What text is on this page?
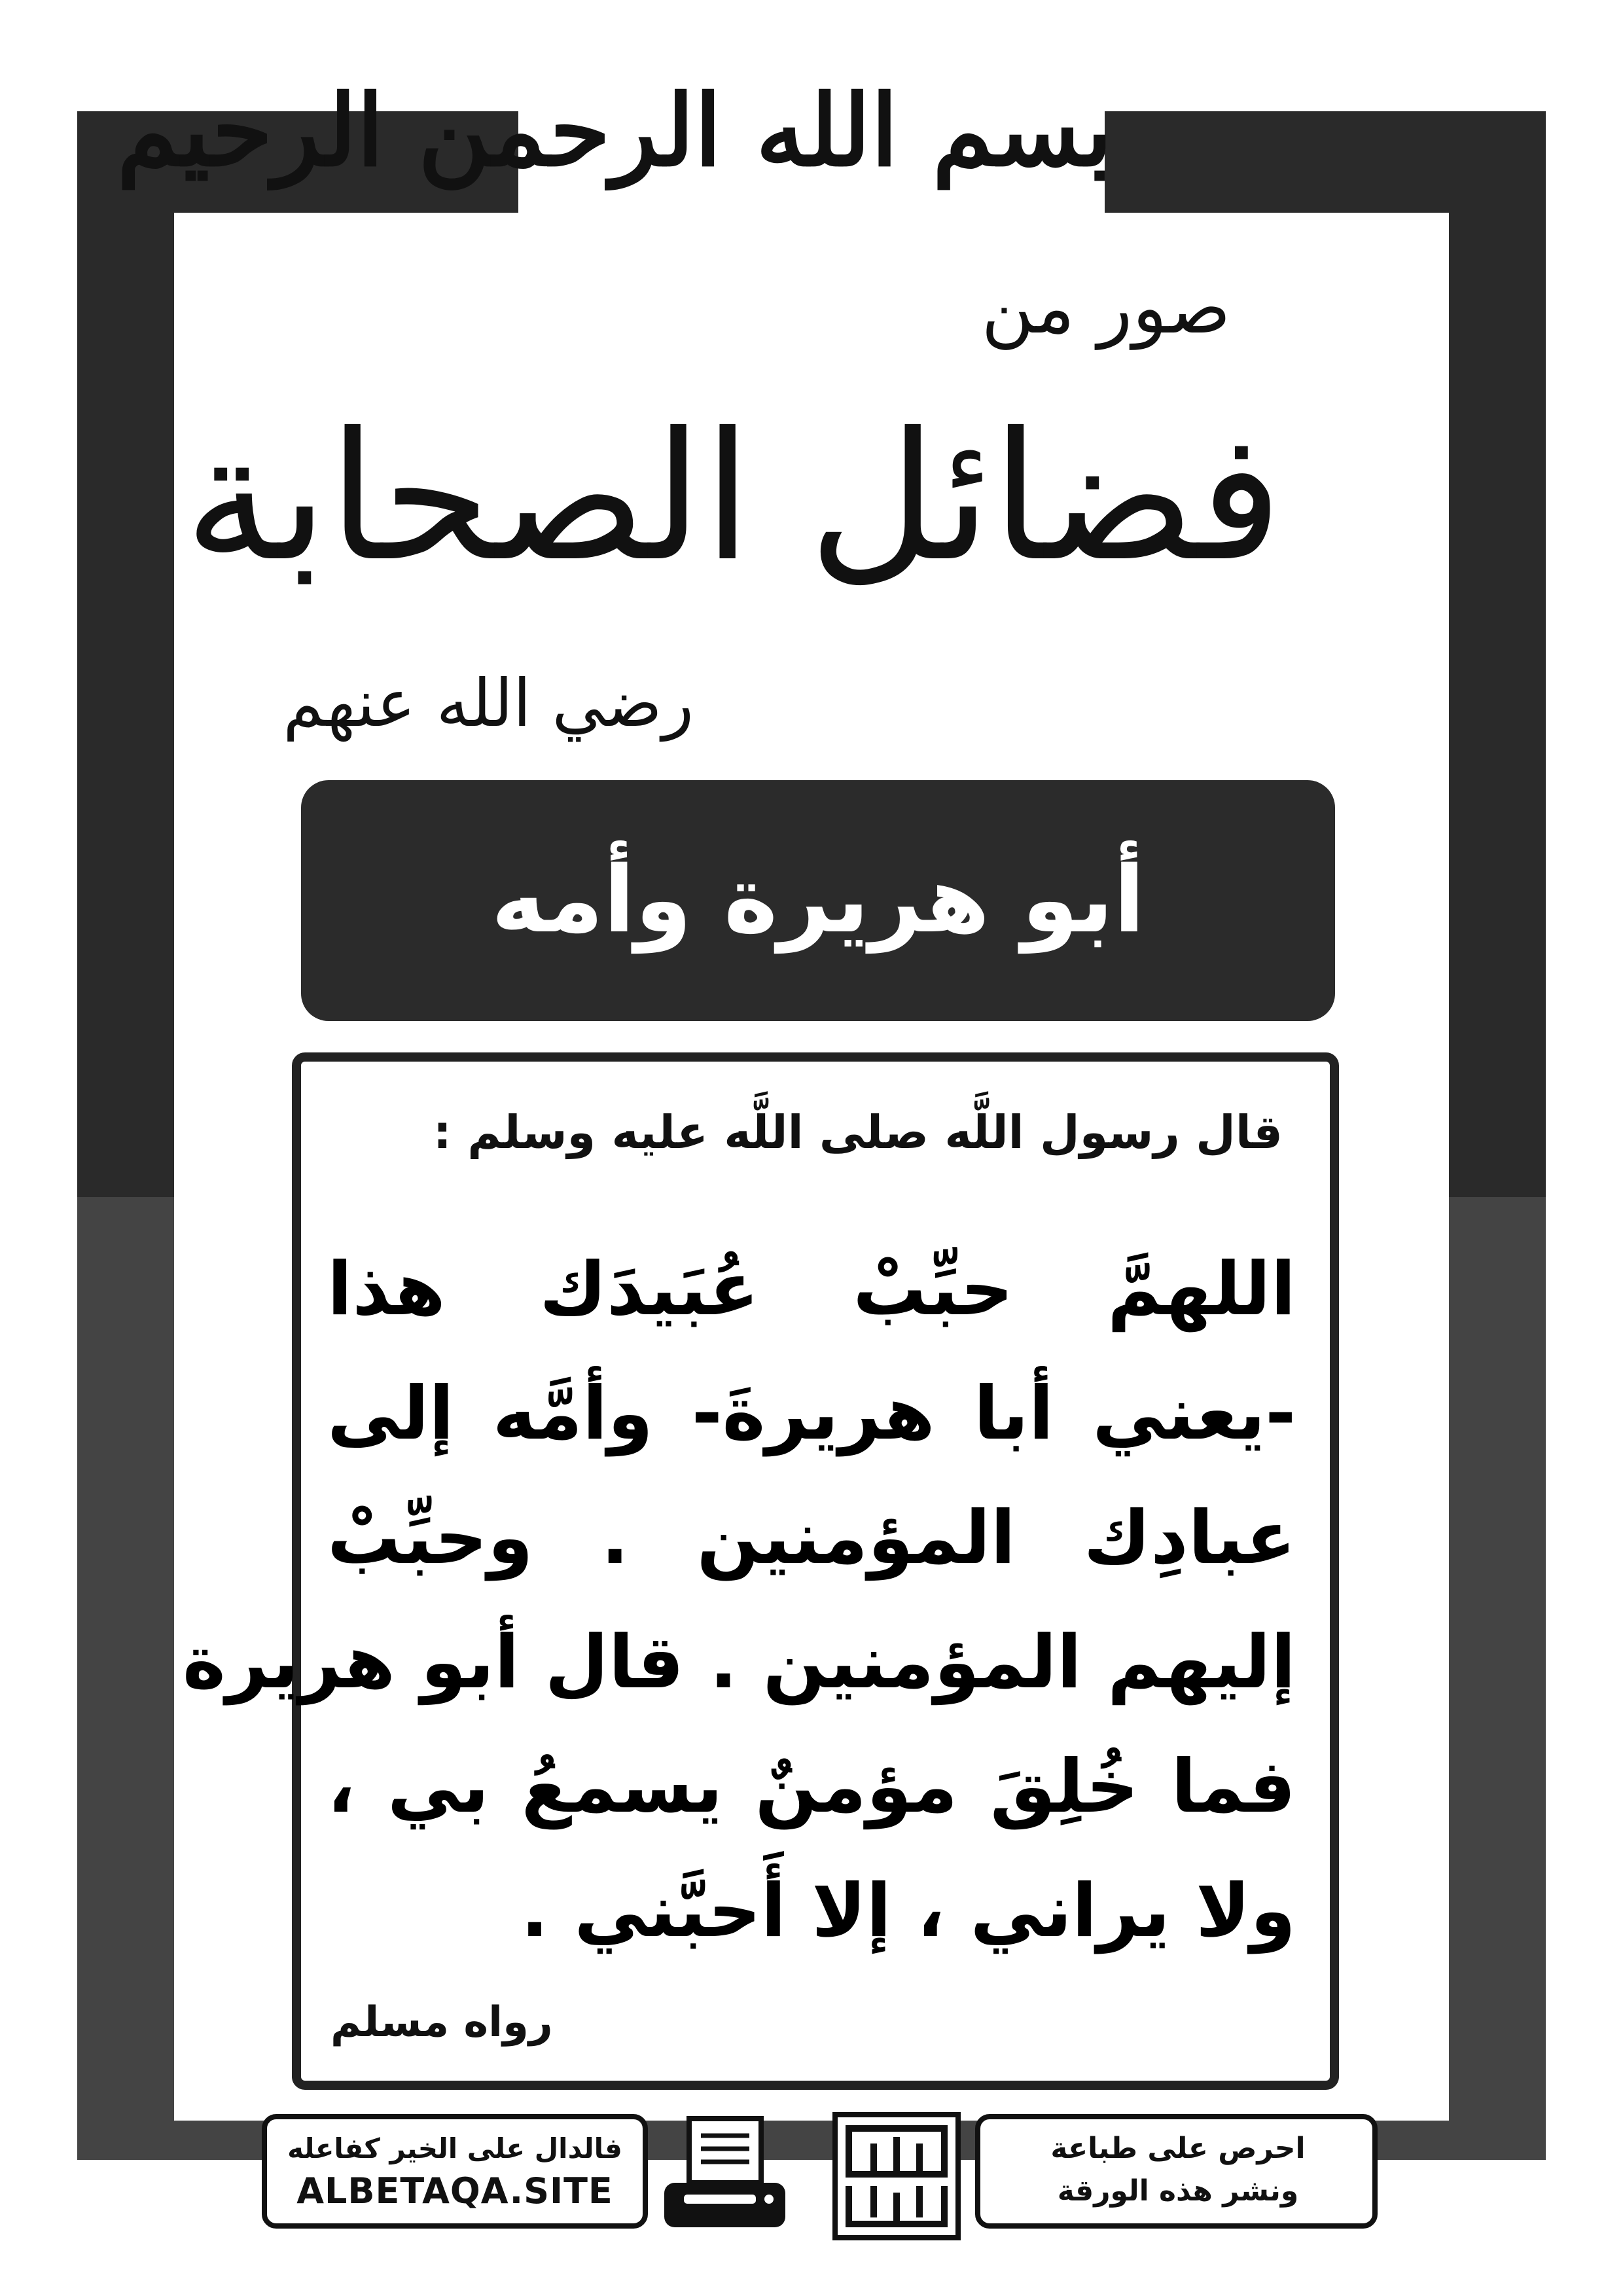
بسم الله الرحمن الرحيم
صور من
فضائل الصحابة
رضي الله عنهم
أبو هريرة وأمه
قال رسول اللَّه صلى اللَّه عليه وسلم :
اللهمَّ حبِّبْ عُبَيدَك هذا
-يعني أبا هريرةَ- وأمَّه إلى
عبادِك المؤمنين . وحبِّبْ
إليهم المؤمنين . قال أبو هريرة
فما خُلِقَ مؤمنٌ يسمعُ بي ،
ولا يراني ، إلا أَحبَّني .
رواه مسلم
فالدال على الخير كفاعله
ALBETAQA.SITE
احرص على طباعة
ونشر هذه الورقة
